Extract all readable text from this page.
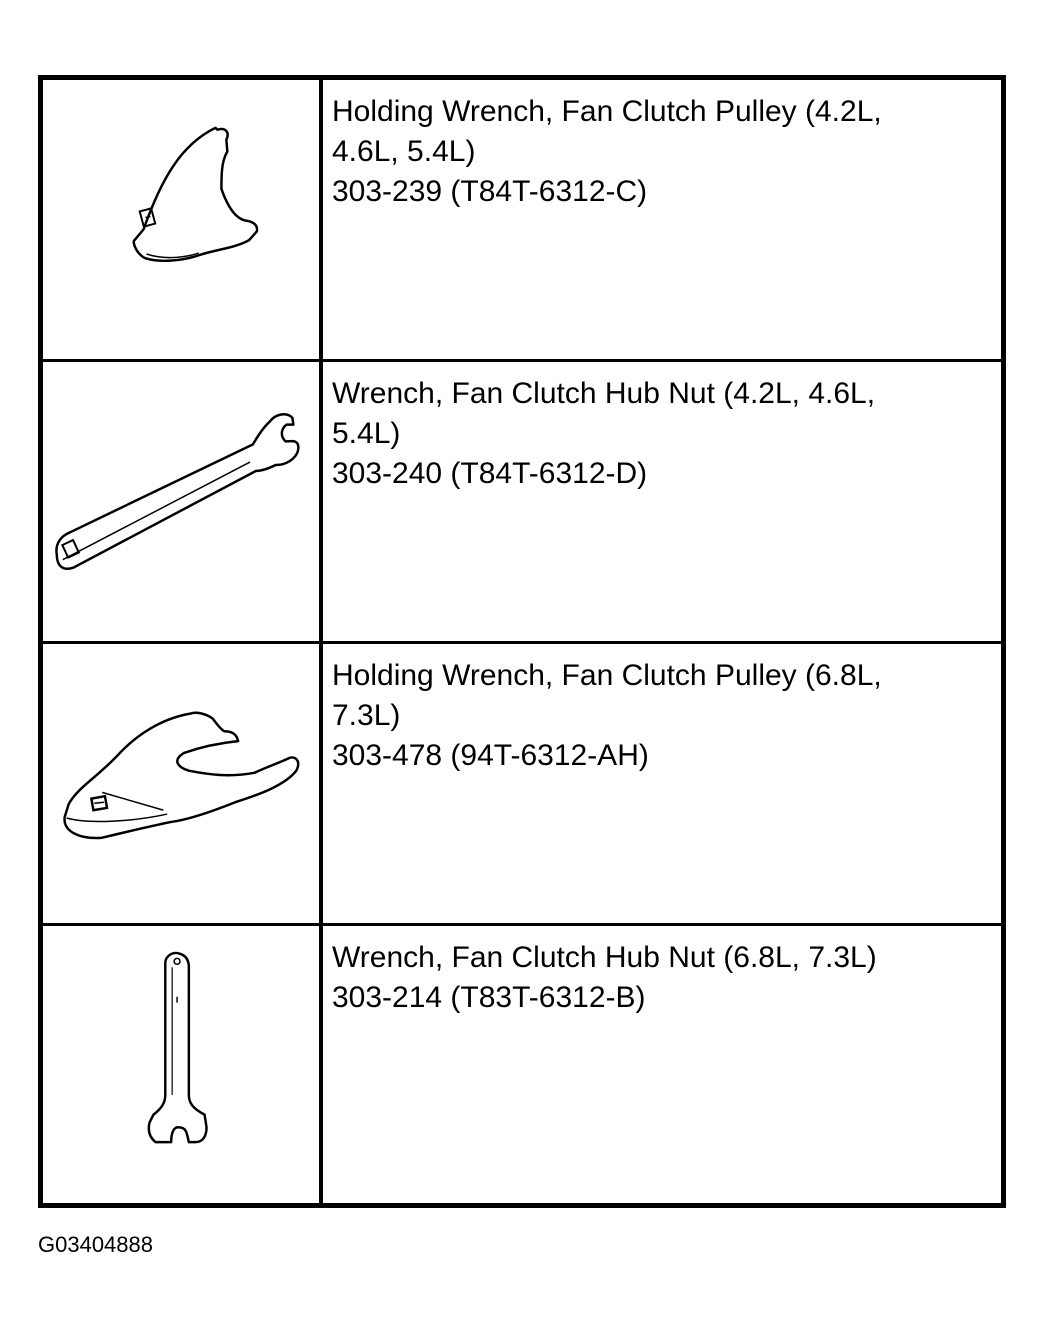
Holding Wrench, Fan Clutch Pulley (4.2L,
4.6L, 5.4L)
303-239 (T84T-6312-C)
Wrench, Fan Clutch Hub Nut (4.2L, 4.6L,
5.4L)
303-240 (T84T-6312-D)
Holding Wrench, Fan Clutch Pulley (6.8L,
7.3L)
303-478 (94T-6312-AH)
Wrench, Fan Clutch Hub Nut (6.8L, 7.3L)
303-214 (T83T-6312-B)
G03404888
